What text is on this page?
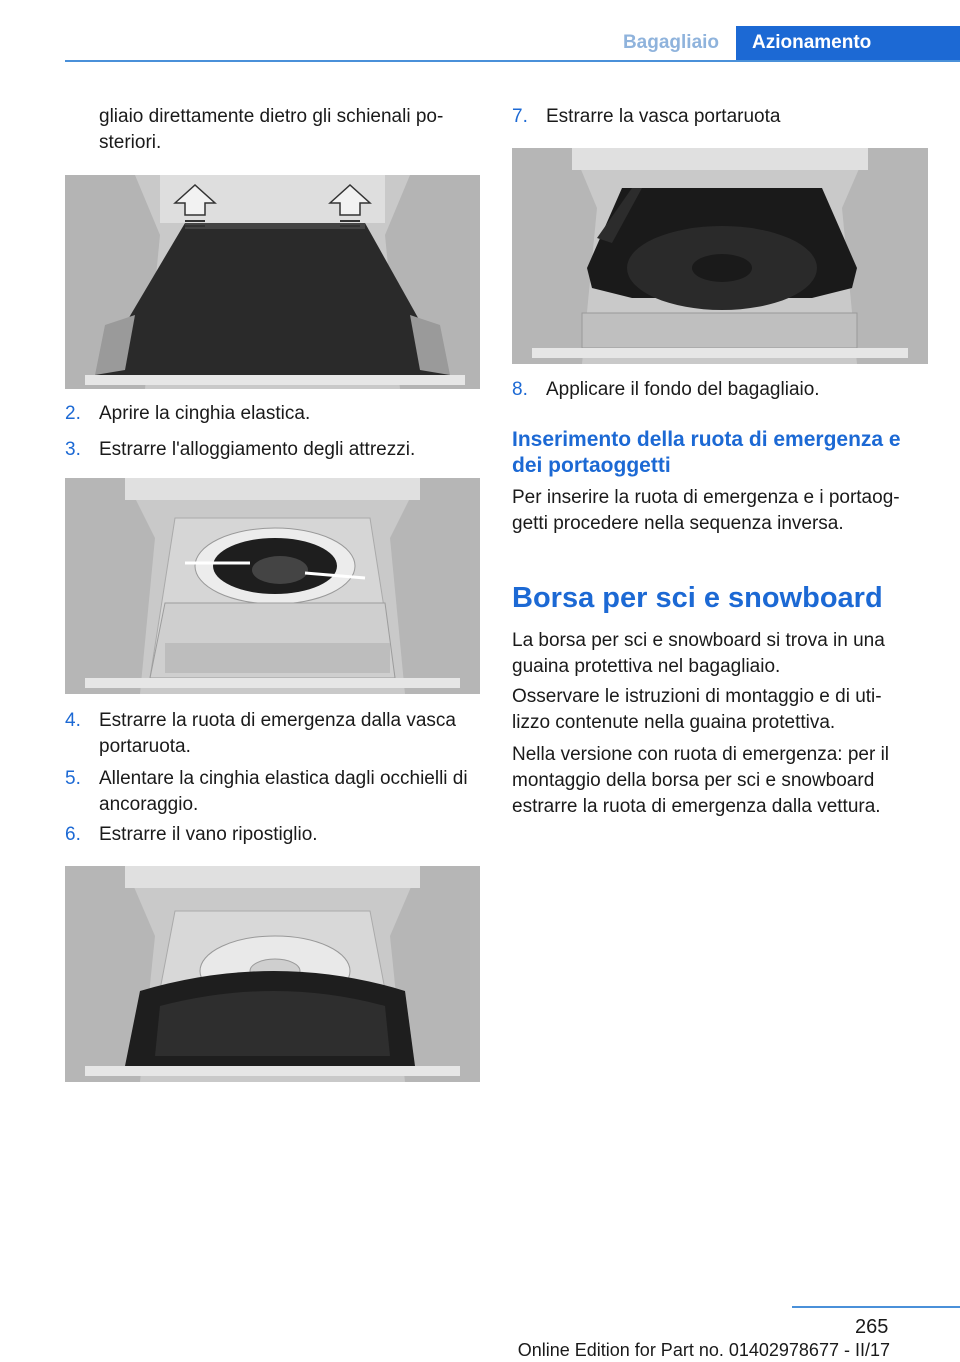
Bagagliaio	Azionamento
gliaio direttamente dietro gli schienali po-
steriori.
2. Aprire la cinghia elastica.
3. Estrarre l'alloggiamento degli attrezzi.
4. Estrarre la ruota di emergenza dalla vasca portaruota.
5. Allentare la cinghia elastica dagli occhielli di ancoraggio.
6. Estrarre il vano ripostiglio.
7. Estrarre la vasca portaruota
8. Applicare il fondo del bagagliaio.
Inserimento della ruota di emergenza e dei portaoggetti
Per inserire la ruota di emergenza e i portaog-
getti procedere nella sequenza inversa.
Borsa per sci e snowboard
La borsa per sci e snowboard si trova in una guaina protettiva nel bagagliaio.
Osservare le istruzioni di montaggio e di uti-
lizzo contenute nella guaina protettiva.
Nella versione con ruota di emergenza: per il montaggio della borsa per sci e snowboard estrarre la ruota di emergenza dalla vettura.
265
Online Edition for Part no. 01402978677 - II/17
